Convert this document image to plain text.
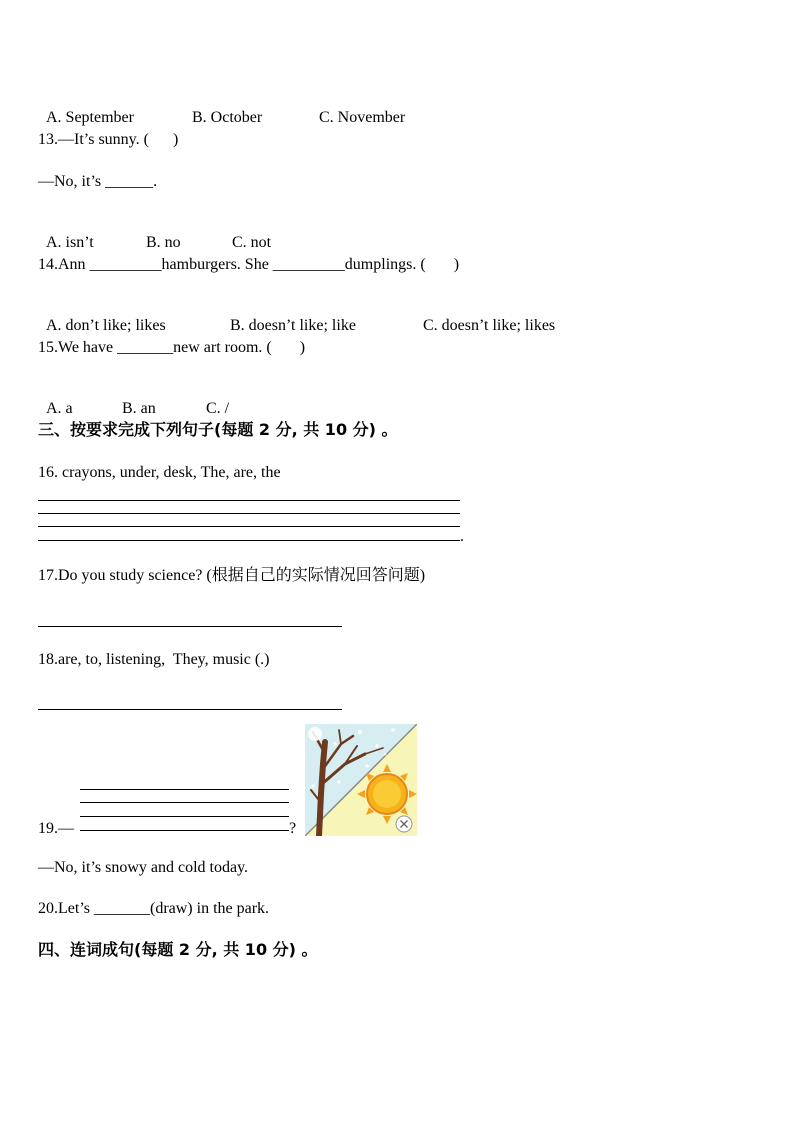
A. September	B. October	C. November

13.—It’s sunny. (      )
—No, it’s ______.

A. isn’t	B. no	C. not

14.Ann _________hamburgers. She _________dumplings. (       )

A. don’t like; likes	B. doesn’t like; like	C. doesn’t like; likes

15.We have _______new art room. (       )

A. a	B. an	C. /

三、按要求完成下列句子(每题 2 分, 共 10 分) 。
16. crayons, under, desk, The, are, the
.
17.Do you study science? (根据自己的实际情况回答问题)
18.are, to, listening,  They, music (.)
19.—	?
—No, it’s snowy and cold today.
20.Let’s _______(draw) in the park.
四、连词成句(每题 2 分, 共 10 分) 。
